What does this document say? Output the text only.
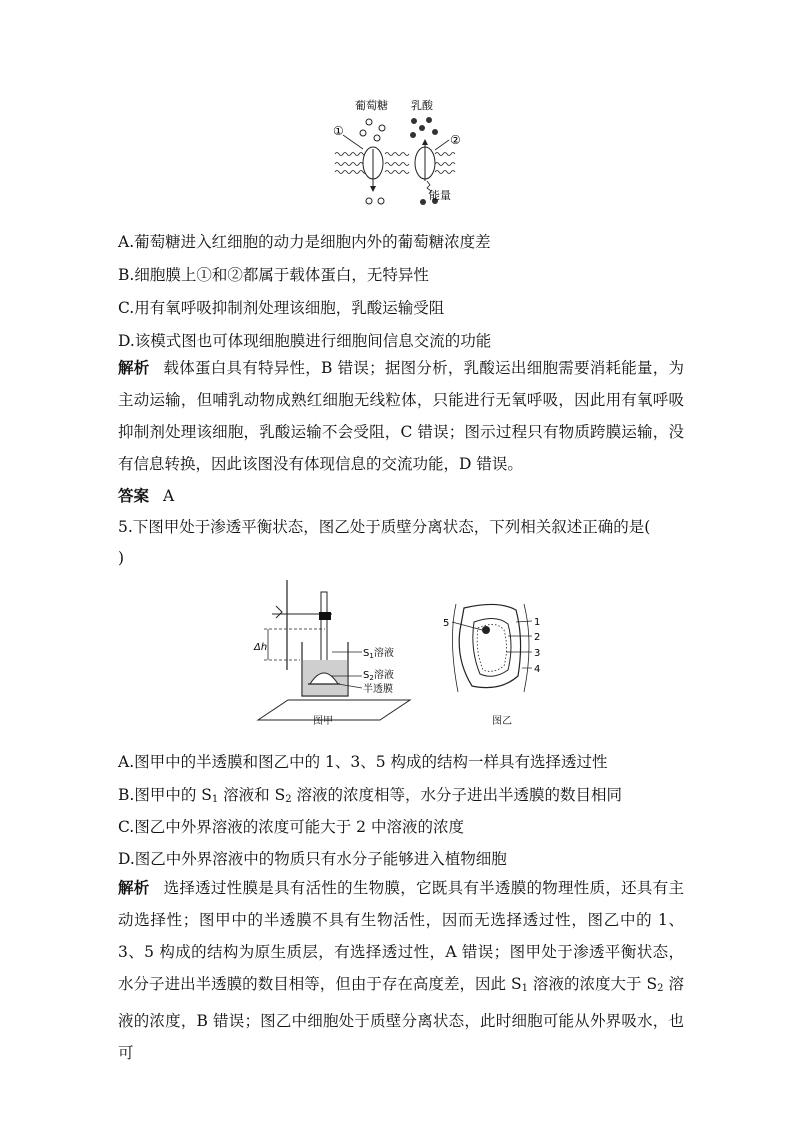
葡萄糖 乳酸
①
②
能量
A.葡萄糖进入红细胞的动力是细胞内外的葡萄糖浓度差
B.细胞膜上①和②都属于载体蛋白，无特异性
C.用有氧呼吸抑制剂处理该细胞，乳酸运输受阻
D.该模式图也可体现细胞膜进行细胞间信息交流的功能
解析 载体蛋白具有特异性，B 错误；据图分析，乳酸运出细胞需要消耗能量，为主动运输，但哺乳动物成熟红细胞无线粒体，只能进行无氧呼吸，因此用有氧呼吸抑制剂处理该细胞，乳酸运输不会受阻，C 错误；图示过程只有物质跨膜运输，没有信息转换，因此该图没有体现信息的交流功能，D 错误。
答案 A
5.下图甲处于渗透平衡状态，图乙处于质壁分离状态，下列相关叙述正确的是(
)
Δh
$S_1$溶液
$S_2$溶液
半透膜
图甲
5	1
2
3
4
图乙
A.图甲中的半透膜和图乙中的 1、3、5 构成的结构一样具有选择透过性
B.图甲中的 $S_1$ 溶液和 $S_2$ 溶液的浓度相等，水分子进出半透膜的数目相同
C.图乙中外界溶液的浓度可能大于 2 中溶液的浓度
D.图乙中外界溶液中的物质只有水分子能够进入植物细胞
解析 选择透过性膜是具有活性的生物膜，它既具有半透膜的物理性质，还具有主动选择性；图甲中的半透膜不具有生物活性，因而无选择透过性，图乙中的 1、3、5 构成的结构为原生质层，有选择透过性，A 错误；图甲处于渗透平衡状态，水分子进出半透膜的数目相等，但由于存在高度差，因此 $S_1$ 溶液的浓度大于 $S_2$ 溶液的浓度，B 错误；图乙中细胞处于质壁分离状态，此时细胞可能从外界吸水，也可
